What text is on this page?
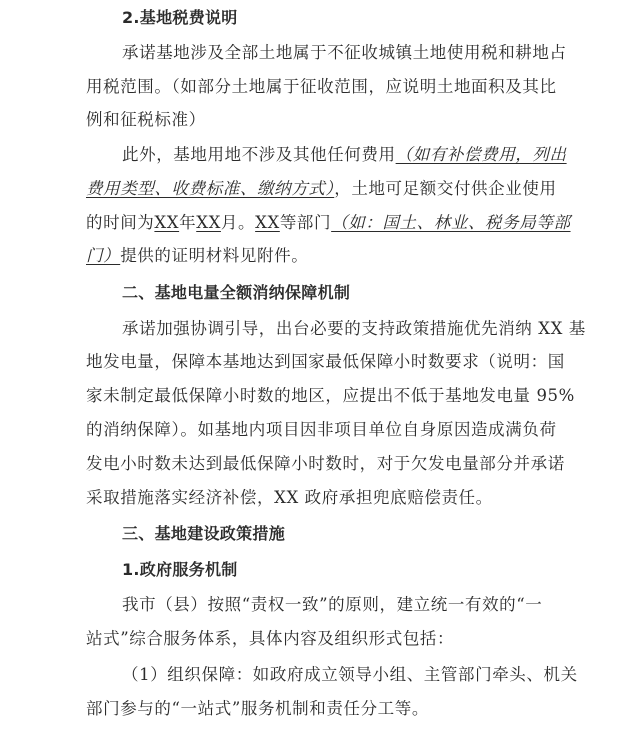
2.基地税费说明
承诺基地涉及全部土地属于不征收城镇土地使用税和耕地占
用税范围。（如部分土地属于征收范围，应说明土地面积及其比
例和征税标准）
此外，基地用地不涉及其他任何费用（如有补偿费用，列出
费用类型、收费标准、缴纳方式），土地可足额交付供企业使用
的时间为XX年XX月。XX等部门（如：国土、林业、税务局等部
门）提供的证明材料见附件。
二、基地电量全额消纳保障机制
承诺加强协调引导，出台必要的支持政策措施优先消纳 XX 基
地发电量，保障本基地达到国家最低保障小时数要求（说明：国
家未制定最低保障小时数的地区，应提出不低于基地发电量 95%
的消纳保障）。如基地内项目因非项目单位自身原因造成满负荷
发电小时数未达到最低保障小时数时，对于欠发电量部分并承诺
采取措施落实经济补偿，XX 政府承担兜底赔偿责任。
三、基地建设政策措施
1.政府服务机制
我市（县）按照“责权一致”的原则，建立统一有效的“一
站式”综合服务体系，具体内容及组织形式包括：
（1）组织保障：如政府成立领导小组、主管部门牵头、机关
部门参与的“一站式”服务机制和责任分工等。
